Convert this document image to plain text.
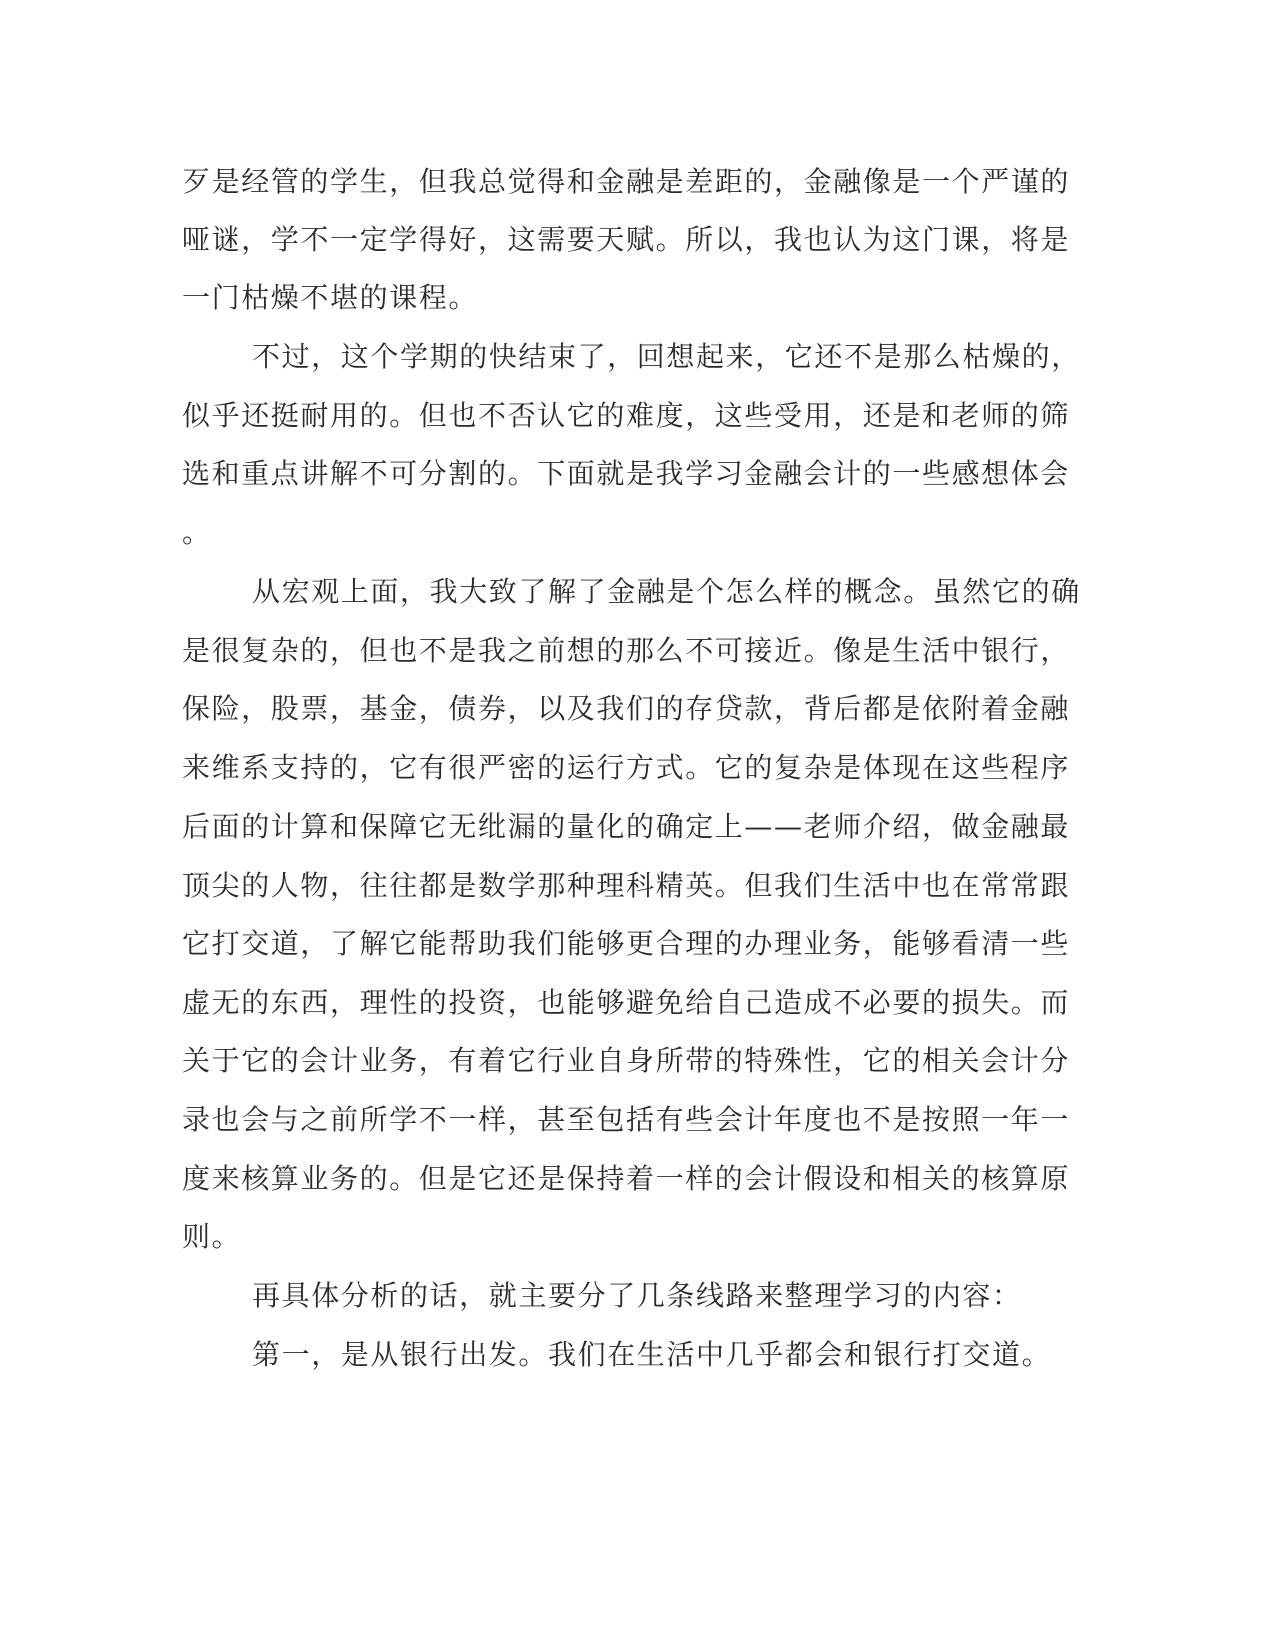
歹是经管的学生，但我总觉得和金融是差距的，金融像是一个严谨的
哑谜，学不一定学得好，这需要天赋。所以，我也认为这门课，将是
一门枯燥不堪的课程。
不过，这个学期的快结束了，回想起来，它还不是那么枯燥的，
似乎还挺耐用的。但也不否认它的难度，这些受用，还是和老师的筛
选和重点讲解不可分割的。下面就是我学习金融会计的一些感想体会
。
从宏观上面，我大致了解了金融是个怎么样的概念。虽然它的确
是很复杂的，但也不是我之前想的那么不可接近。像是生活中银行，
保险，股票，基金，债券，以及我们的存贷款，背后都是依附着金融
来维系支持的，它有很严密的运行方式。它的复杂是体现在这些程序
后面的计算和保障它无纰漏的量化的确定上——老师介绍，做金融最
顶尖的人物，往往都是数学那种理科精英。但我们生活中也在常常跟
它打交道，了解它能帮助我们能够更合理的办理业务，能够看清一些
虚无的东西，理性的投资，也能够避免给自己造成不必要的损失。而
关于它的会计业务，有着它行业自身所带的特殊性，它的相关会计分
录也会与之前所学不一样，甚至包括有些会计年度也不是按照一年一
度来核算业务的。但是它还是保持着一样的会计假设和相关的核算原
则。
再具体分析的话，就主要分了几条线路来整理学习的内容：
第一，是从银行出发。我们在生活中几乎都会和银行打交道。
